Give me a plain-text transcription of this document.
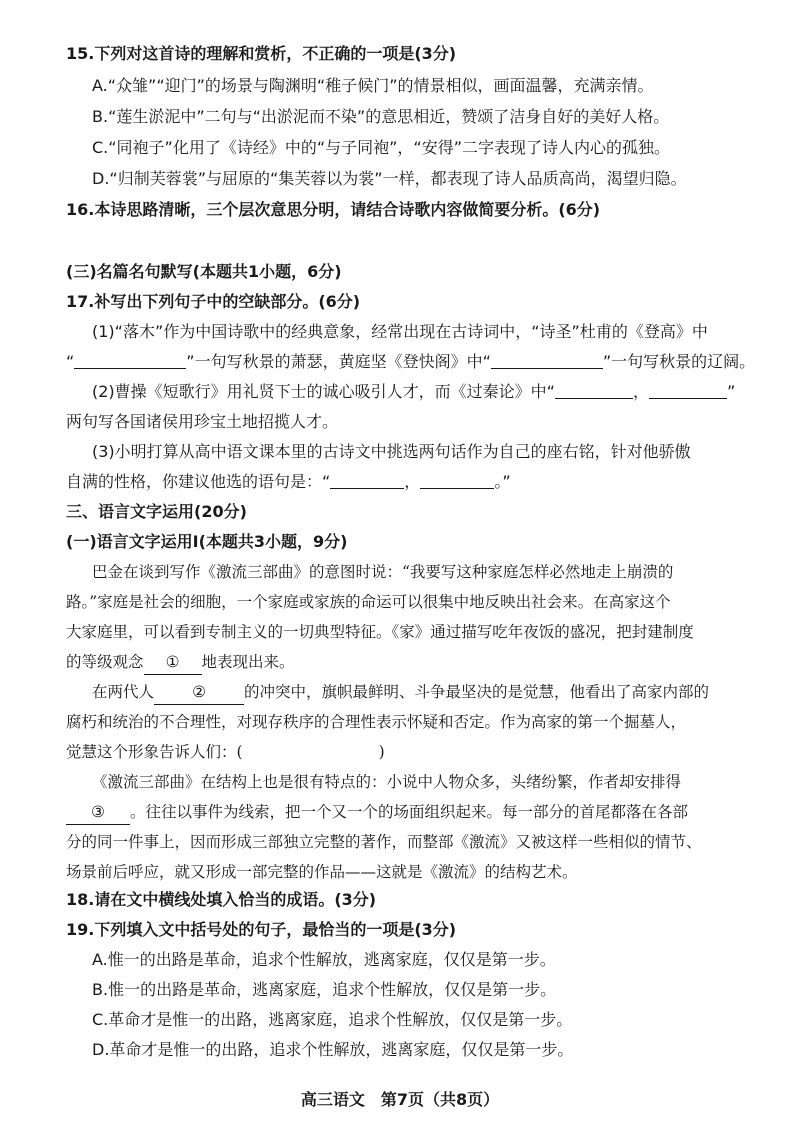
15.下列对这首诗的理解和赏析，不正确的一项是(3分)
A.“众雏”“迎门”的场景与陶渊明“稚子候门”的情景相似，画面温馨，充满亲情。
B.“莲生淤泥中”二句与“出淤泥而不染”的意思相近，赞颂了洁身自好的美好人格。
C.“同袍子”化用了《诗经》中的“与子同袍”，“安得”二字表现了诗人内心的孤独。
D.“归制芙蓉裳”与屈原的“集芙蓉以为裳”一样，都表现了诗人品质高尚，渴望归隐。
16.本诗思路清晰，三个层次意思分明，请结合诗歌内容做简要分析。(6分)
(三)名篇名句默写(本题共1小题，6分)
17.补写出下列句子中的空缺部分。(6分)
(1)“落木”作为中国诗歌中的经典意象，经常出现在古诗词中，“诗圣”杜甫的《登高》中
“	”一句写秋景的萧瑟，黄庭坚《登快阁》中“	”一句写秋景的辽阔。
(2)曹操《短歌行》用礼贤下士的诚心吸引人才，而《过秦论》中“	，	”
两句写各国诸侯用珍宝土地招揽人才。
(3)小明打算从高中语文课本里的古诗文中挑选两句话作为自己的座右铭，针对他骄傲
自满的性格，你建议他选的语句是：“	，	。”
三、语言文字运用(20分)
(一)语言文字运用Ⅰ(本题共3小题，9分)
巴金在谈到写作《激流三部曲》的意图时说：“我要写这种家庭怎样必然地走上崩溃的
路。”家庭是社会的细胞，一个家庭或家族的命运可以很集中地反映出社会来。在高家这个
大家庭里，可以看到专制主义的一切典型特征。《家》通过描写吃年夜饭的盛况，把封建制度
的等级观念 ① 地表现出来。
在两代人 ② 的冲突中，旗帜最鲜明、斗争最坚决的是觉慧，他看出了高家内部的
腐朽和统治的不合理性，对现存秩序的合理性表示怀疑和否定。作为高家的第一个掘墓人，
觉慧这个形象告诉人们：(	)
《激流三部曲》在结构上也是很有特点的：小说中人物众多，头绪纷繁，作者却安排得
③ 。往往以事件为线索，把一个又一个的场面组织起来。每一部分的首尾都落在各部
分的同一件事上，因而形成三部独立完整的著作，而整部《激流》又被这样一些相似的情节、
场景前后呼应，就又形成一部完整的作品——这就是《激流》的结构艺术。
18.请在文中横线处填入恰当的成语。(3分)
19.下列填入文中括号处的句子，最恰当的一项是(3分)
A.惟一的出路是革命，追求个性解放，逃离家庭，仅仅是第一步。
B.惟一的出路是革命，逃离家庭，追求个性解放，仅仅是第一步。
C.革命才是惟一的出路，逃离家庭，追求个性解放，仅仅是第一步。
D.革命才是惟一的出路，追求个性解放，逃离家庭，仅仅是第一步。
高三语文　第7页（共8页）
